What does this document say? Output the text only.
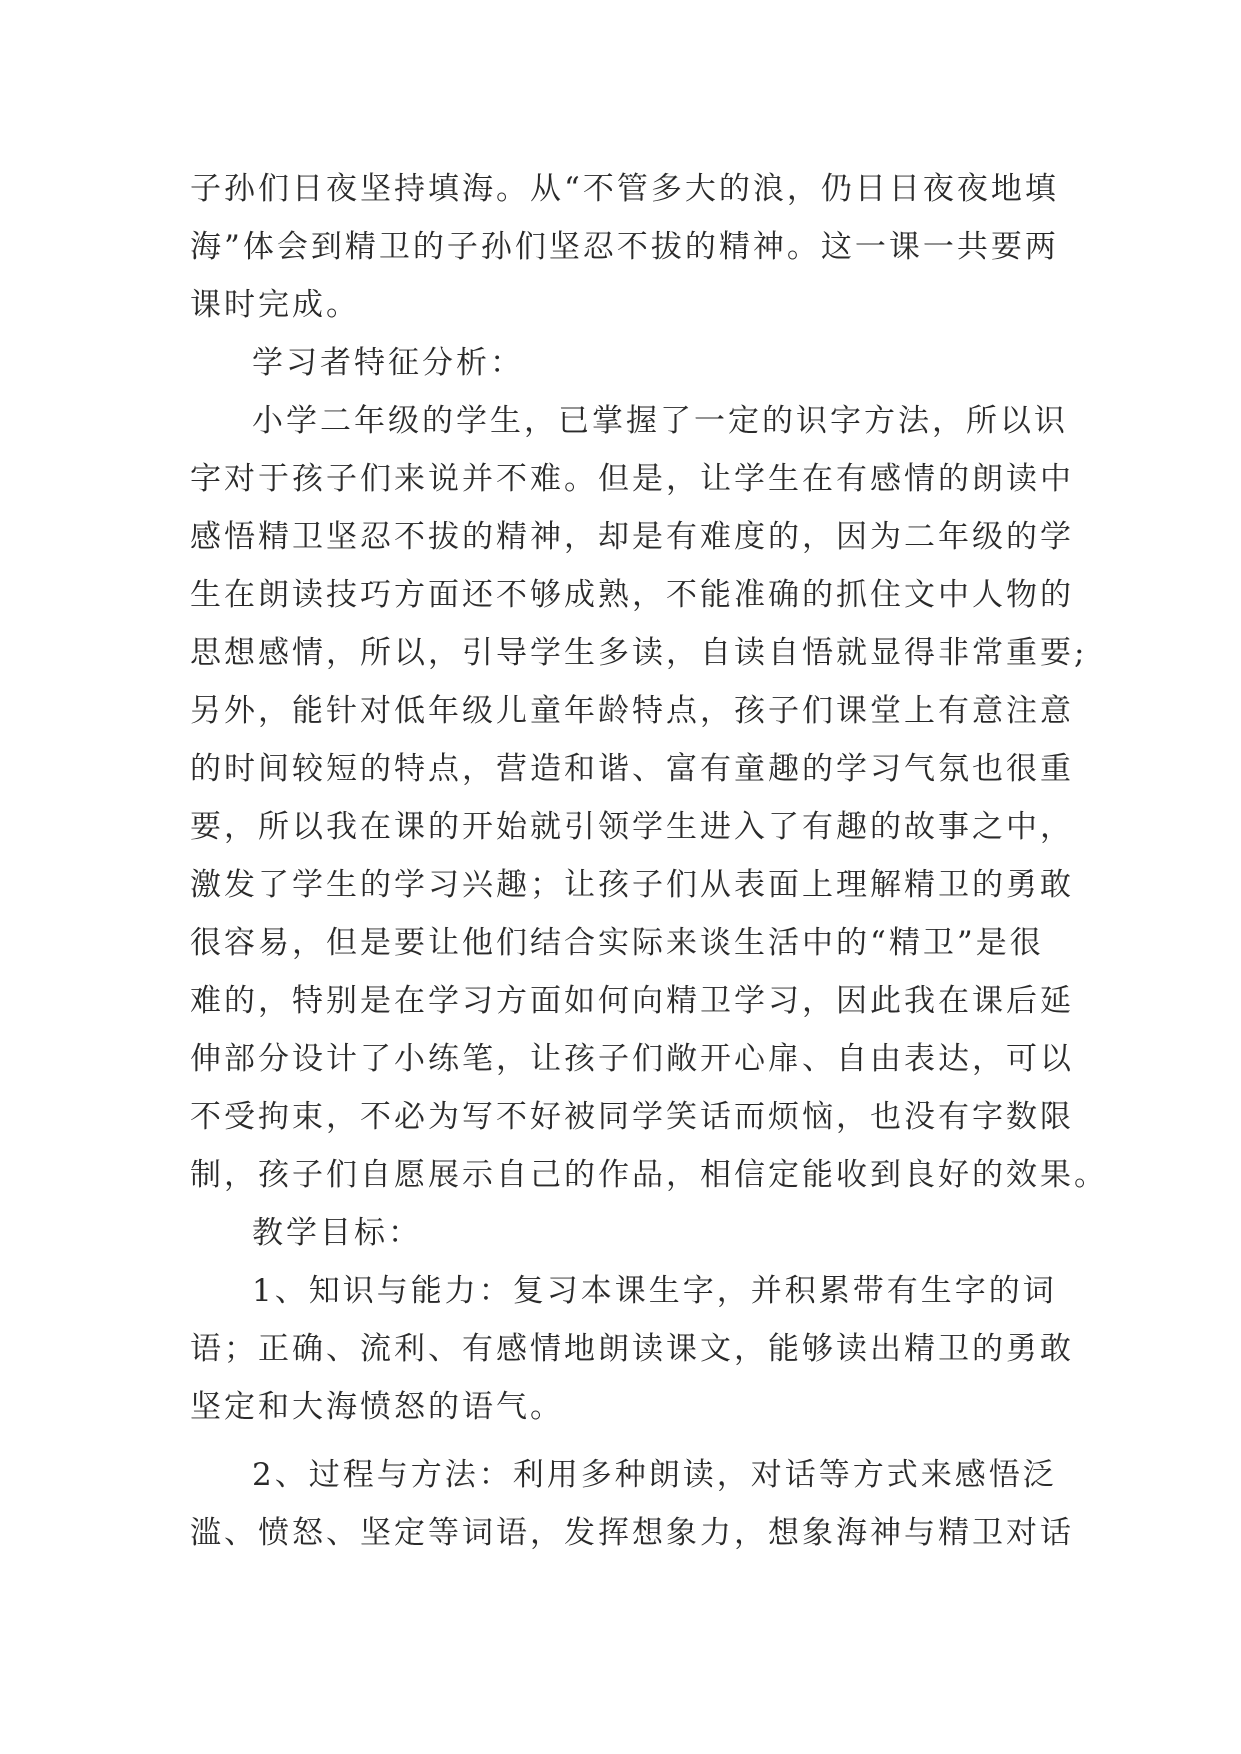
子孙们日夜坚持填海。从“不管多大的浪，仍日日夜夜地填
海”体会到精卫的子孙们坚忍不拔的精神。这一课一共要两
课时完成。
学习者特征分析：
小学二年级的学生，已掌握了一定的识字方法，所以识
字对于孩子们来说并不难。但是，让学生在有感情的朗读中
感悟精卫坚忍不拔的精神，却是有难度的，因为二年级的学
生在朗读技巧方面还不够成熟，不能准确的抓住文中人物的
思想感情，所以，引导学生多读，自读自悟就显得非常重要;
另外，能针对低年级儿童年龄特点，孩子们课堂上有意注意
的时间较短的特点，营造和谐、富有童趣的学习气氛也很重
要，所以我在课的开始就引领学生进入了有趣的故事之中，
激发了学生的学习兴趣；让孩子们从表面上理解精卫的勇敢
很容易，但是要让他们结合实际来谈生活中的“精卫”是很
难的，特别是在学习方面如何向精卫学习，因此我在课后延
伸部分设计了小练笔，让孩子们敞开心扉、自由表达，可以
不受拘束，不必为写不好被同学笑话而烦恼，也没有字数限
制，孩子们自愿展示自己的作品，相信定能收到良好的效果。
教学目标：
1、知识与能力：复习本课生字，并积累带有生字的词
语；正确、流利、有感情地朗读课文，能够读出精卫的勇敢
坚定和大海愤怒的语气。
2、过程与方法：利用多种朗读，对话等方式来感悟泛
滥、愤怒、坚定等词语，发挥想象力，想象海神与精卫对话
